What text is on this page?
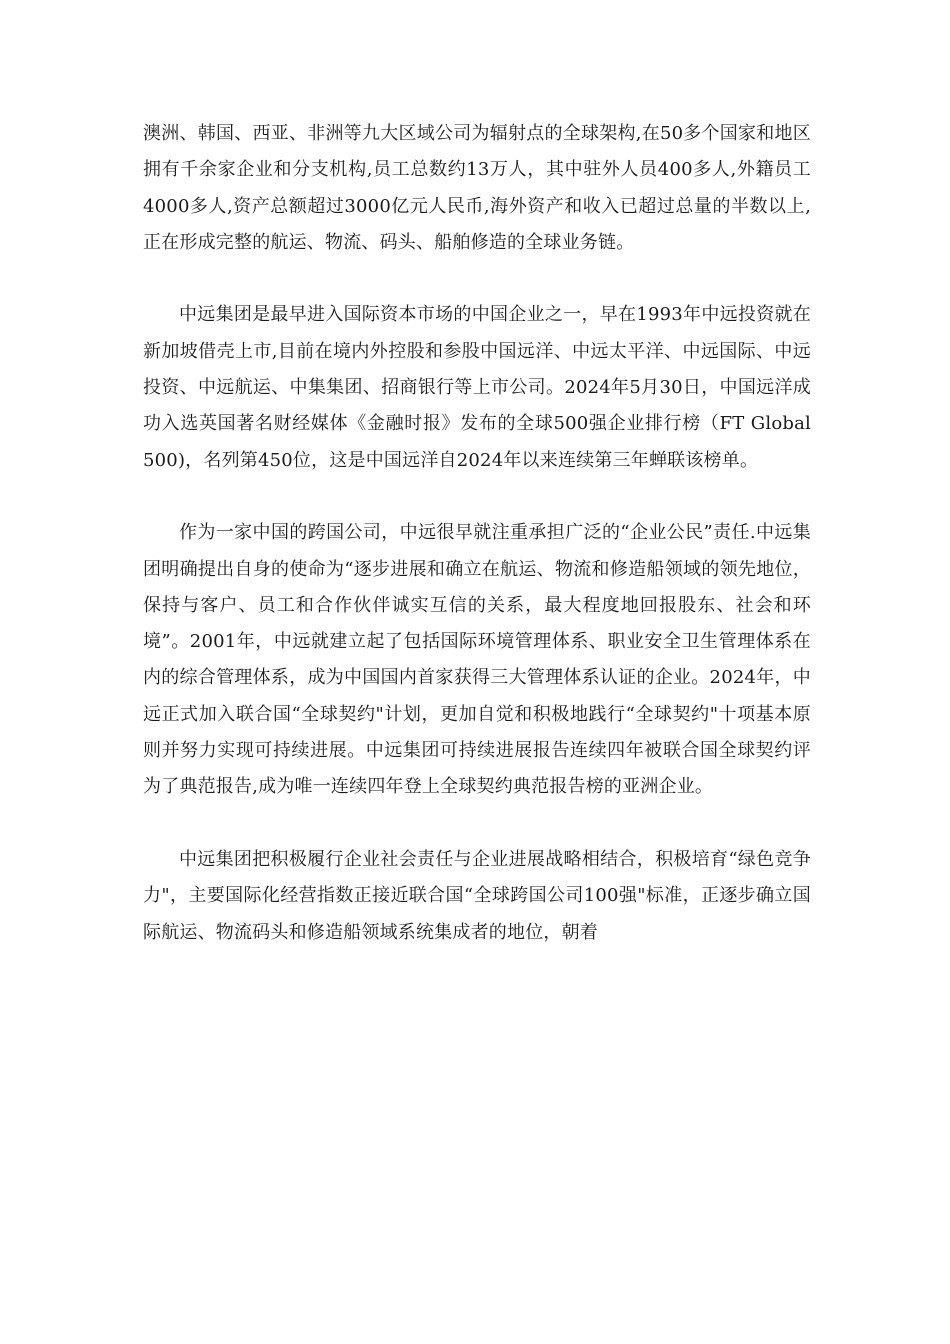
澳洲、韩国、西亚、非洲等九大区域公司为辐射点的全球架构,在50多个国家和地区拥有千余家企业和分支机构,员工总数约13万人，其中驻外人员400多人,外籍员工4000多人,资产总额超过3000亿元人民币,海外资产和收入已超过总量的半数以上,正在形成完整的航运、物流、码头、船舶修造的全球业务链。

中远集团是最早进入国际资本市场的中国企业之一，早在1993年中远投资就在新加坡借壳上市,目前在境内外控股和参股中国远洋、中远太平洋、中远国际、中远投资、中远航运、中集集团、招商银行等上市公司。2024年5月30日，中国远洋成功入选英国著名财经媒体《金融时报》发布的全球500强企业排行榜（FT Global 500)，名列第450位，这是中国远洋自2024年以来连续第三年蝉联该榜单。

作为一家中国的跨国公司，中远很早就注重承担广泛的“企业公民”责任.中远集团明确提出自身的使命为“逐步进展和确立在航运、物流和修造船领域的领先地位，保持与客户、员工和合作伙伴诚实互信的关系，最大程度地回报股东、社会和环境”。2001年，中远就建立起了包括国际环境管理体系、职业安全卫生管理体系在内的综合管理体系，成为中国国内首家获得三大管理体系认证的企业。2024年，中远正式加入联合国“全球契约"计划，更加自觉和积极地践行“全球契约"十项基本原则并努力实现可持续进展。中远集团可持续进展报告连续四年被联合国全球契约评为了典范报告,成为唯一连续四年登上全球契约典范报告榜的亚洲企业。

中远集团把积极履行企业社会责任与企业进展战略相结合，积极培育“绿色竞争力"，主要国际化经营指数正接近联合国“全球跨国公司100强"标准，正逐步确立国际航运、物流码头和修造船领域系统集成者的地位，朝着
